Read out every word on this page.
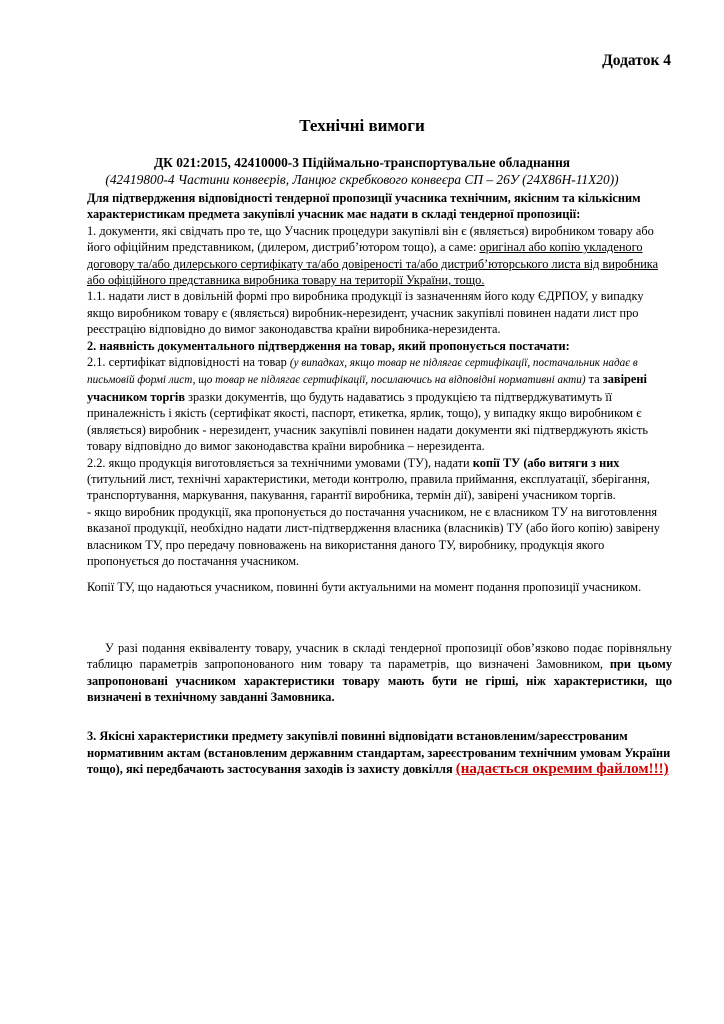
Додаток 4
Технічні вимоги
ДК 021:2015, 42410000-3 Підіймально-транспортувальне обладнання
(42419800-4 Частини конвеєрів, Ланцюг скребкового конвеєра СП – 26У (24Х86Н-11Х20))

Для підтвердження відповідності тендерної пропозиції учасника технічним, якісним та кількісним характеристикам предмета закупівлі учасник має надати в складі тендерної пропозиції:

1. документи, які свідчать про те, що Учасник процедури закупівлі він є (являється) виробником товару або його офіційним представником, (дилером, дистриб’ютором тощо), а саме: оригінал або копію укладеного договору та/або дилерського сертифікату та/або довіреності та/або дистриб’юторського листа від виробника або офіційного представника виробника товару на території України, тощо.

1.1. надати лист в довільній формі про виробника продукції із зазначенням його коду ЄДРПОУ, у випадку якщо виробником товару є (являється) виробник-нерезидент, учасник закупівлі повинен надати лист про реєстрацію відповідно до вимог законодавства країни виробника-нерезидента.

2. наявність документального підтвердження на товар, який пропонується постачати:

2.1. сертифікат відповідності на товар (у випадках, якщо товар не підлягає сертифікації, постачальник надає в письмовій формі лист, що товар не підлягає сертифікації, посилаючись на відповідні нормативні акти) та завірені учасником торгів зразки документів, що будуть надаватись з продукцією та підтверджуватимуть її приналежність і якість (сертифікат якості, паспорт, етикетка, ярлик, тощо), у випадку якщо виробником є (являється) виробник - нерезидент, учасник закупівлі повинен надати документи які підтверджують якість товару відповідно до вимог законодавства країни виробника – нерезидента.

2.2. якщо продукція виготовляється за технічними умовами (ТУ), надати копії ТУ (або витяги з них (титульний лист, технічні характеристики, методи контролю, правила приймання, експлуатації, зберігання, транспортування, маркування, пакування, гарантії виробника, термін дії), завірені учасником торгів.

- якщо виробник продукції, яка пропонується до постачання учасником, не є власником ТУ на виготовлення вказаної продукції, необхідно надати лист-підтвердження власника (власників) ТУ (або його копію) завірену власником ТУ, про передачу повноважень на використання даного ТУ, виробнику, продукція якого пропонується до постачання учасником.

Копії ТУ, що надаються учасником, повинні бути актуальними на момент подання пропозиції учасником.

У разі подання еквіваленту товару, учасник в складі тендерної пропозиції обов’язково подає порівняльну таблицю параметрів запропонованого ним товару та параметрів, що визначені Замовником, при цьому запропоновані учасником характеристики товару мають бути не гірші, ніж характеристики, що визначені в технічному завданні Замовника.

3. Якісні характеристики предмету закупівлі повинні відповідати встановленим/зареєстрованим нормативним актам (встановленим державним стандартам, зареєстрованим технічним умовам України тощо), які передбачають застосування заходів із захисту довкілля (надається окремим файлом!!!)
